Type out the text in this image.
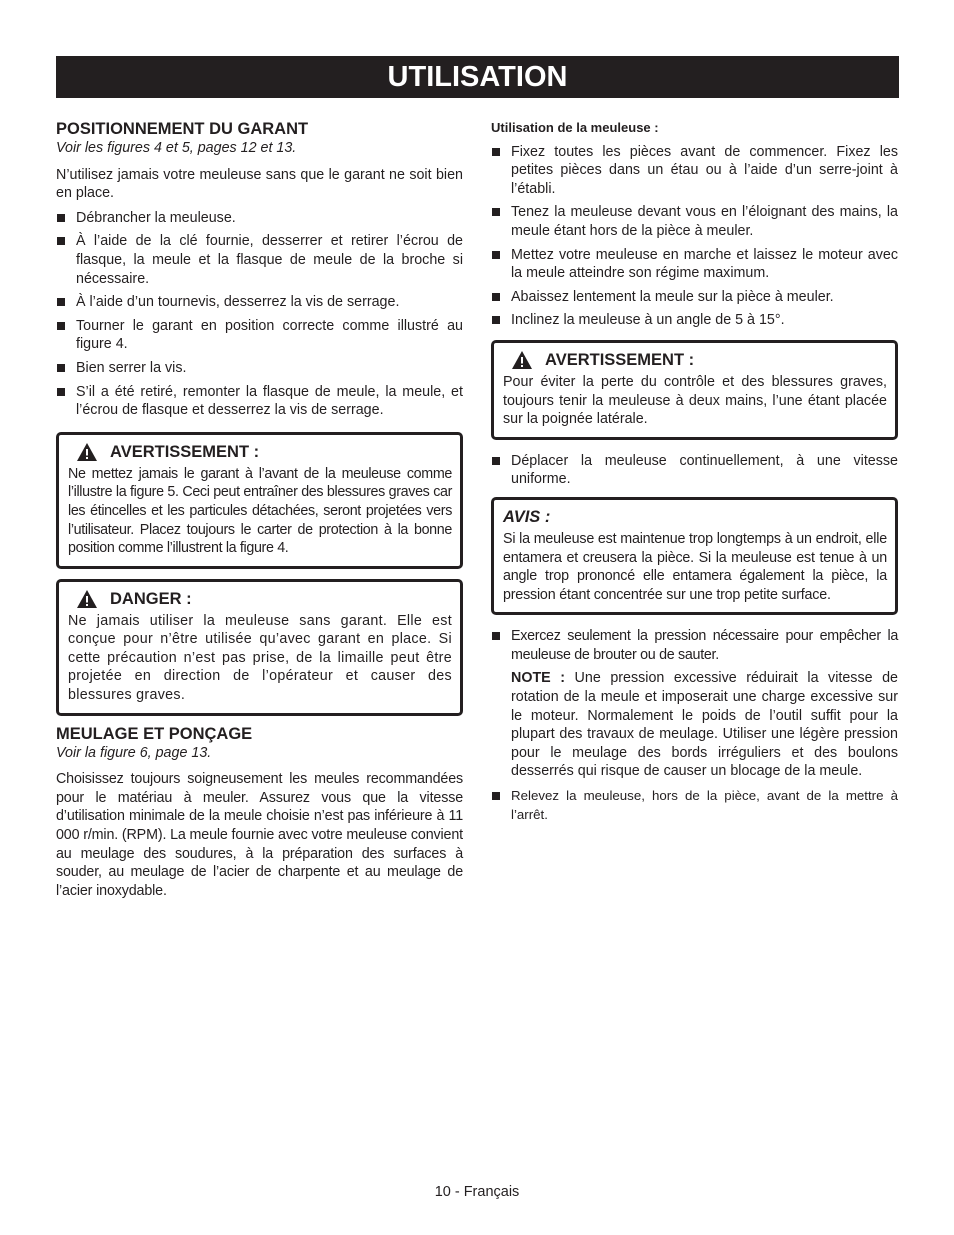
UTILISATION
POSITIONNEMENT DU GARANT
Voir les figures 4 et 5, pages 12 et 13.

N’utilisez jamais votre meuleuse sans que le garant ne soit bien en place.

Débrancher la meuleuse.
À l’aide de la clé fournie, desserrer et retirer l’écrou de flasque, la meule et la flasque de meule de la broche si nécessaire.
À l’aide d’un tournevis, desserrez la vis de serrage.
Tourner le garant en position correcte comme illustré au figure 4.
Bien serrer la vis.
S’il a été retiré, remonter la flasque de meule, la meule, et l’écrou de flasque et desserrez la vis de serrage.
AVERTISSEMENT :

Ne mettez jamais le garant à l’avant de la meuleuse comme l’illustre la figure 5. Ceci peut entraîner des blessures graves car les étincelles et les particules détachées, seront projetées vers l’utilisateur. Placez toujours le carter de protection à la bonne position comme l’illustrent la figure 4.

DANGER :

Ne jamais utiliser la meuleuse sans garant. Elle est conçue pour n’être utilisée qu’avec garant en place. Si cette précaution n’est pas prise, de la limaille peut être projetée en direction de l’opérateur et causer des blessures graves.

MEULAGE ET PONÇAGE
Voir la figure 6, page 13.

Choisissez toujours soigneusement les meules recommandées pour le matériau à meuler. Assurez vous que la vitesse d’utilisation minimale de la meule choisie n’est pas inférieure à 11 000 r/min. (RPM). La meule fournie avec votre meuleuse convient au meulage des soudures, à la préparation des surfaces à souder, au meulage de l’acier de charpente et au meulage de l’acier inoxydable.

Utilisation de la meuleuse :
Fixez toutes les pièces avant de commencer. Fixez les petites pièces dans un étau ou à l’aide d’un serre-joint à l’établi.
Tenez la meuleuse devant vous en l’éloignant des mains, la meule étant hors de la pièce à meuler.
Mettez votre meuleuse en marche et laissez le moteur avec la meule atteindre son régime maximum.
Abaissez lentement la meule sur la pièce à meuler.
Inclinez la meuleuse à un angle de 5 à 15°.
AVERTISSEMENT :

Pour éviter la perte du contrôle et des blessures graves, toujours tenir la meuleuse à deux mains, l’une étant placée sur la poignée latérale.

Déplacer la meuleuse continuellement, à une vitesse uniforme.
AVIS :

Si la meuleuse est maintenue trop longtemps à un endroit, elle entamera et creusera la pièce. Si la meuleuse est tenue à un angle trop prononcé elle entamera également la pièce, la pression étant concentrée sur une trop petite surface.

Exercez seulement la pression nécessaire pour empêcher la meuleuse de brouter ou de sauter.

NOTE : Une pression excessive réduirait la vitesse de rotation de la meule et imposerait une charge excessive sur le moteur. Normalement le poids de l’outil suffit pour la plupart des travaux de meulage. Utiliser une légère pression pour le meulage des bords irréguliers et des boulons desserrés qui risque de causer un blocage de la meule.

Relevez la meuleuse, hors de la pièce, avant de la mettre à l’arrêt.
10 - Français
